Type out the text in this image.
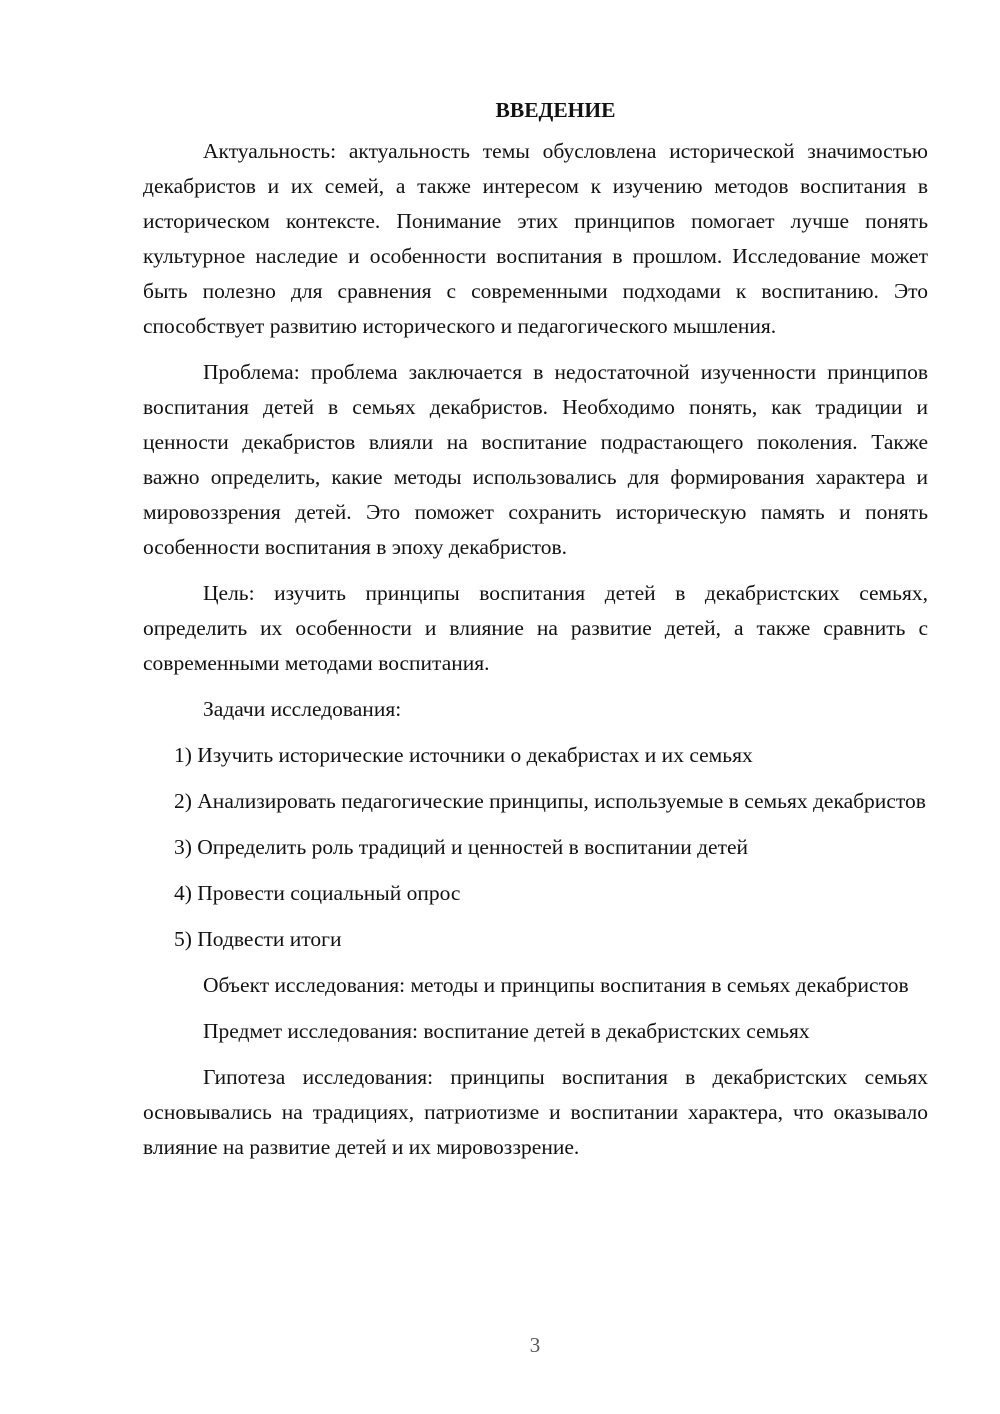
ВВЕДЕНИЕ

Актуальность: актуальность темы обусловлена исторической значимостью декабристов и их семей, а также интересом к изучению методов воспитания в историческом контексте. Понимание этих принципов помогает лучше понять культурное наследие и особенности воспитания в прошлом. Исследование может быть полезно для сравнения с современными подходами к воспитанию. Это способствует развитию исторического и педагогического мышления.

Проблема: проблема заключается в недостаточной изученности принципов воспитания детей в семьях декабристов. Необходимо понять, как традиции и ценности декабристов влияли на воспитание подрастающего поколения. Также важно определить, какие методы использовались для формирования характера и мировоззрения детей. Это поможет сохранить историческую память и понять особенности воспитания в эпоху декабристов.

Цель: изучить принципы воспитания детей в декабристских семьях, определить их особенности и влияние на развитие детей, а также сравнить с современными методами воспитания.

Задачи исследования:

1) Изучить исторические источники о декабристах и их семьях

2) Анализировать педагогические принципы, используемые в семьях декабристов

3) Определить роль традиций и ценностей в воспитании детей

4) Провести социальный опрос

5) Подвести итоги

Объект исследования: методы и принципы воспитания в семьях декабристов

Предмет исследования: воспитание детей в декабристских семьях

Гипотеза исследования: принципы воспитания в декабристских семьях основывались на традициях, патриотизме и воспитании характера, что оказывало влияние на развитие детей и их мировоззрение.

3
